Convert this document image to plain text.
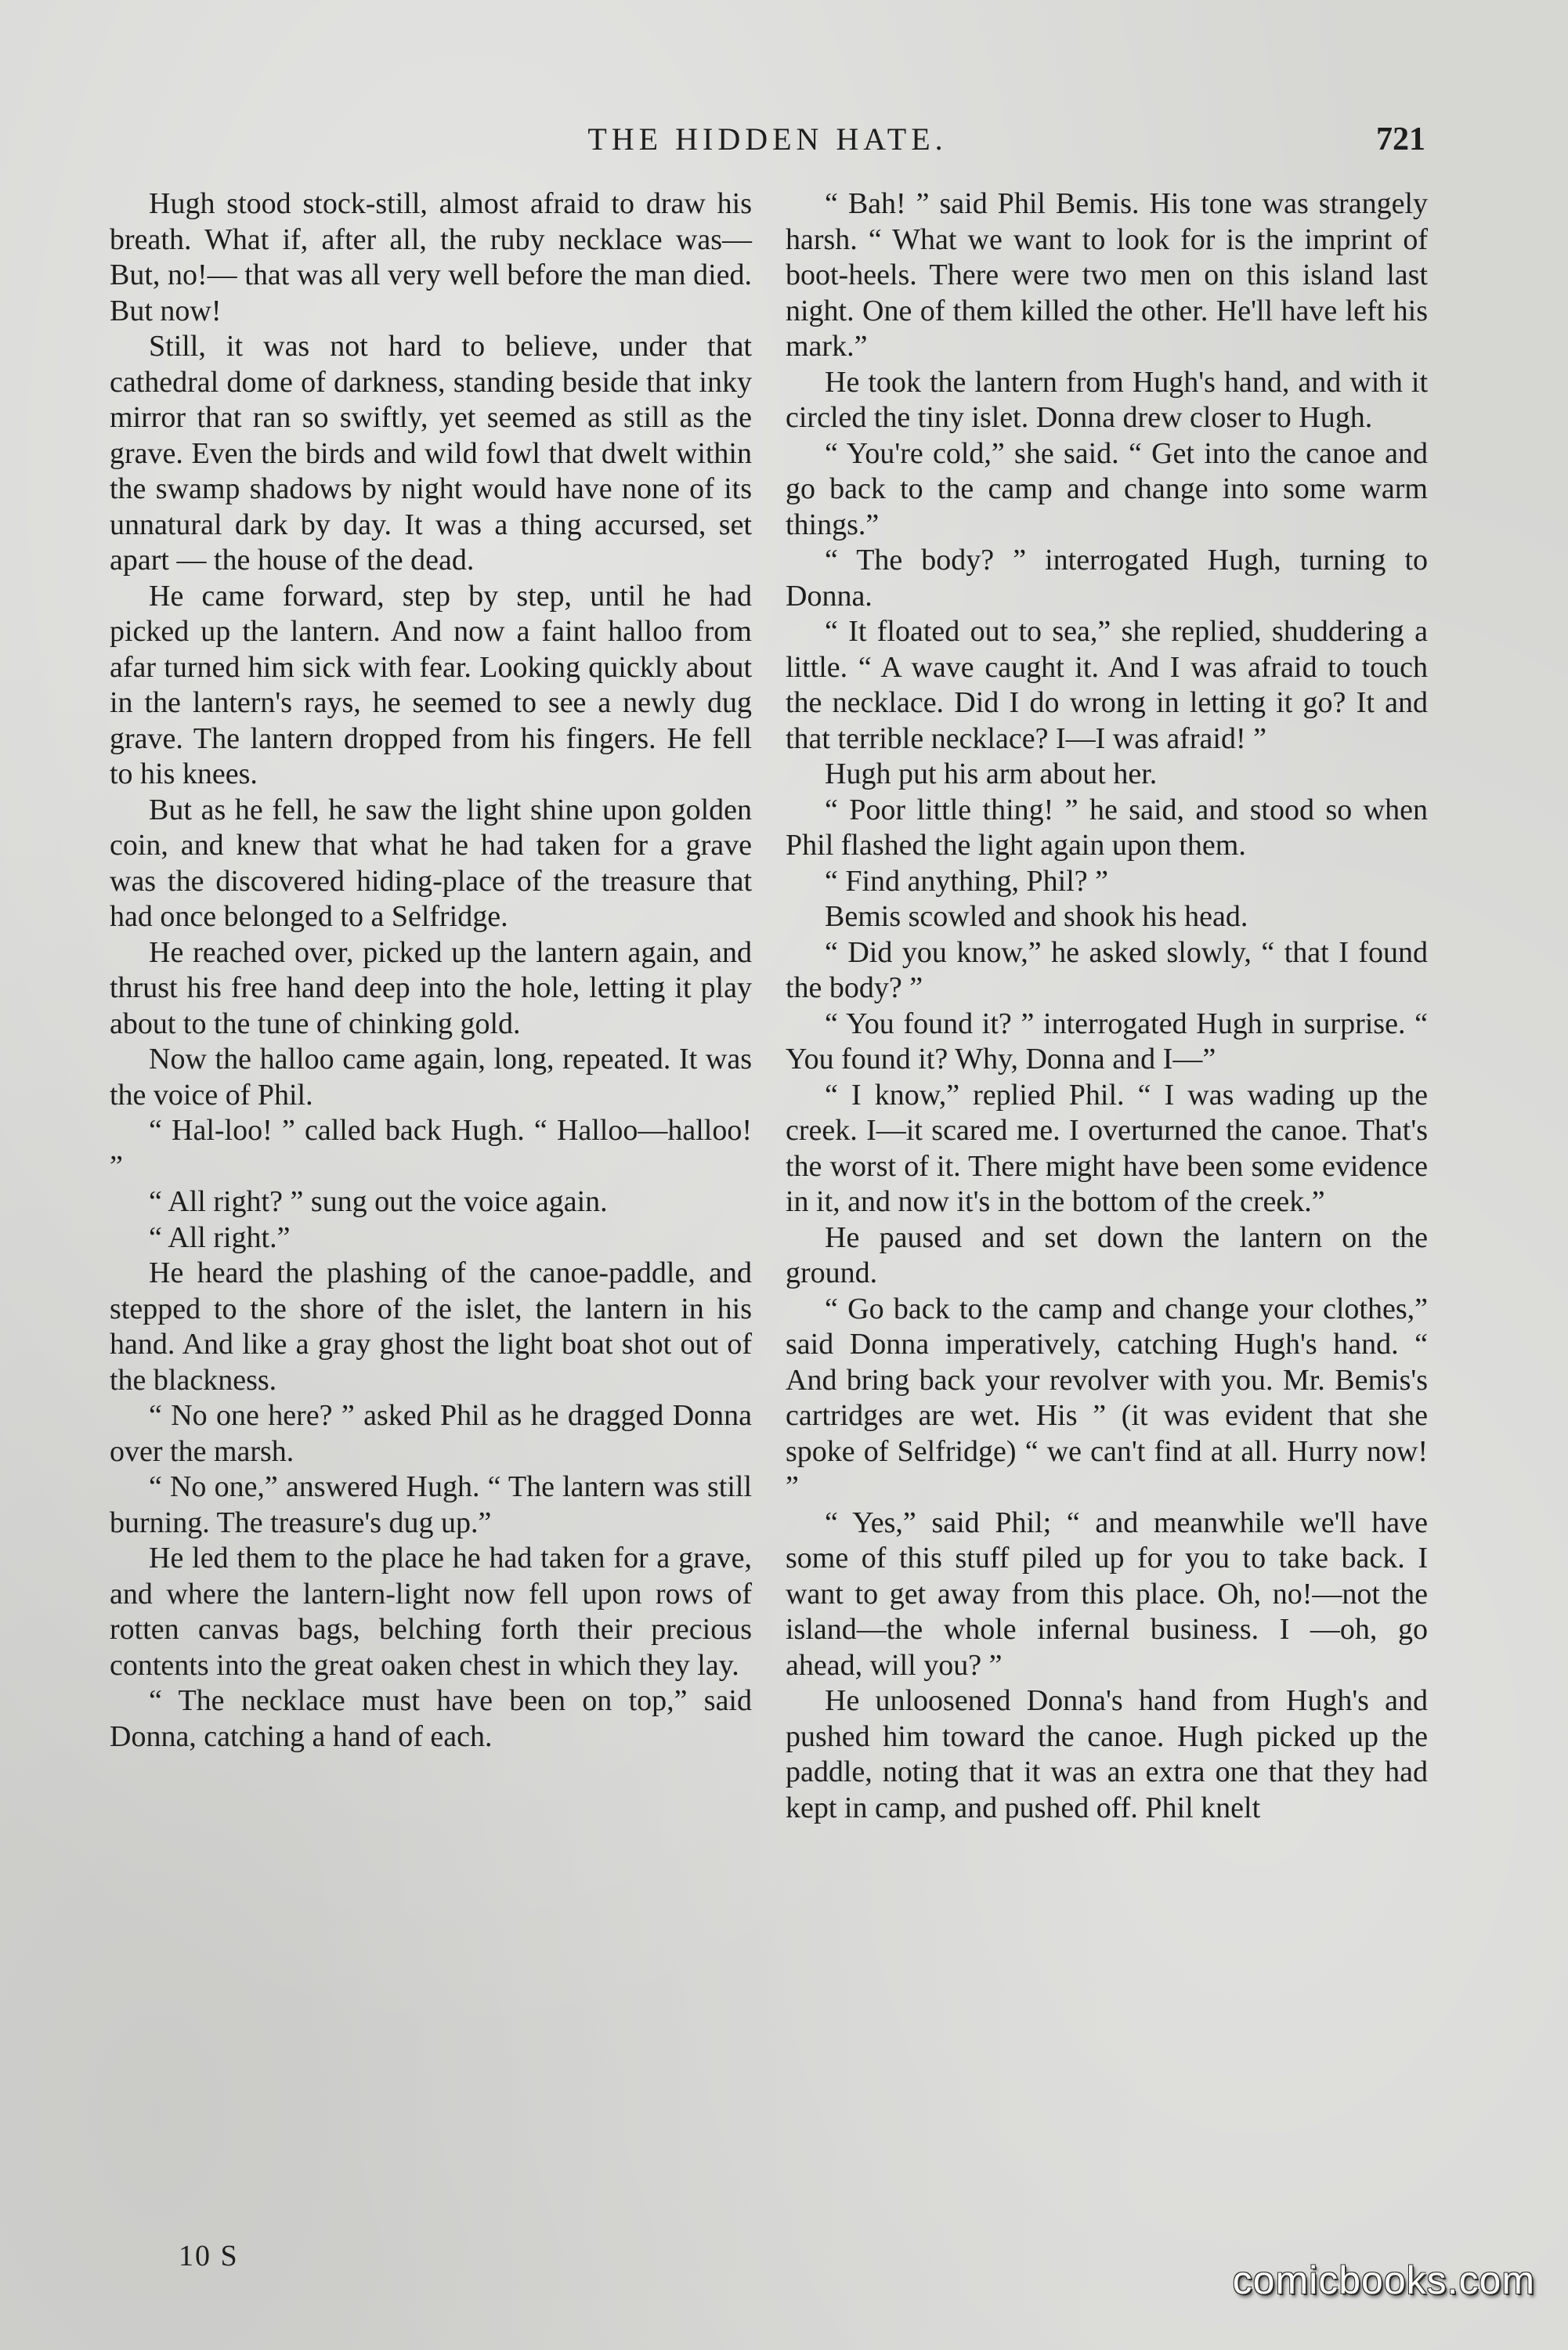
THE HIDDEN HATE.	721

Hugh stood stock-still, almost afraid to draw his breath. What if, after all, the ruby necklace was— But, no!— that was all very well before the man died. But now!

Still, it was not hard to believe, under that cathedral dome of darkness, standing beside that inky mirror that ran so swiftly, yet seemed as still as the grave. Even the birds and wild fowl that dwelt within the swamp shadows by night would have none of its unnatural dark by day. It was a thing accursed, set apart — the house of the dead.

He came forward, step by step, until he had picked up the lantern. And now a faint halloo from afar turned him sick with fear. Looking quickly about in the lantern's rays, he seemed to see a newly dug grave. The lantern dropped from his fingers. He fell to his knees.

But as he fell, he saw the light shine upon golden coin, and knew that what he had taken for a grave was the discovered hiding-place of the treasure that had once belonged to a Selfridge.

He reached over, picked up the lantern again, and thrust his free hand deep into the hole, letting it play about to the tune of chinking gold.

Now the halloo came again, long, repeated. It was the voice of Phil.

“ Hal-loo! ” called back Hugh. “ Halloo—halloo! ”

“ All right? ” sung out the voice again.

“ All right.”

He heard the plashing of the canoe-paddle, and stepped to the shore of the islet, the lantern in his hand. And like a gray ghost the light boat shot out of the blackness.

“ No one here? ” asked Phil as he dragged Donna over the marsh.

“ No one,” answered Hugh. “ The lantern was still burning. The treasure's dug up.”

He led them to the place he had taken for a grave, and where the lantern-light now fell upon rows of rotten canvas bags, belching forth their precious contents into the great oaken chest in which they lay.

“ The necklace must have been on top,” said Donna, catching a hand of each.

“ Bah! ” said Phil Bemis. His tone was strangely harsh. “ What we want to look for is the imprint of boot-heels. There were two men on this island last night. One of them killed the other. He'll have left his mark.”

He took the lantern from Hugh's hand, and with it circled the tiny islet. Donna drew closer to Hugh.

“ You're cold,” she said. “ Get into the canoe and go back to the camp and change into some warm things.”

“ The body? ” interrogated Hugh, turning to Donna.

“ It floated out to sea,” she replied, shuddering a little. “ A wave caught it. And I was afraid to touch the necklace. Did I do wrong in letting it go? It and that terrible necklace? I—I was afraid! ”

Hugh put his arm about her.

“ Poor little thing! ” he said, and stood so when Phil flashed the light again upon them.

“ Find anything, Phil? ”

Bemis scowled and shook his head.

“ Did you know,” he asked slowly, “ that I found the body? ”

“ You found it? ” interrogated Hugh in surprise. “ You found it? Why, Donna and I—”

“ I know,” replied Phil. “ I was wading up the creek. I—it scared me. I overturned the canoe. That's the worst of it. There might have been some evidence in it, and now it's in the bottom of the creek.”

He paused and set down the lantern on the ground.

“ Go back to the camp and change your clothes,” said Donna imperatively, catching Hugh's hand. “ And bring back your revolver with you. Mr. Bemis's cartridges are wet. His ” (it was evident that she spoke of Selfridge) “ we can't find at all. Hurry now! ”

“ Yes,” said Phil; “ and meanwhile we'll have some of this stuff piled up for you to take back. I want to get away from this place. Oh, no!—not the island—the whole infernal business. I —oh, go ahead, will you? ”

He unloosened Donna's hand from Hugh's and pushed him toward the canoe. Hugh picked up the paddle, noting that it was an extra one that they had kept in camp, and pushed off. Phil knelt

10 S
comicbooks.com
